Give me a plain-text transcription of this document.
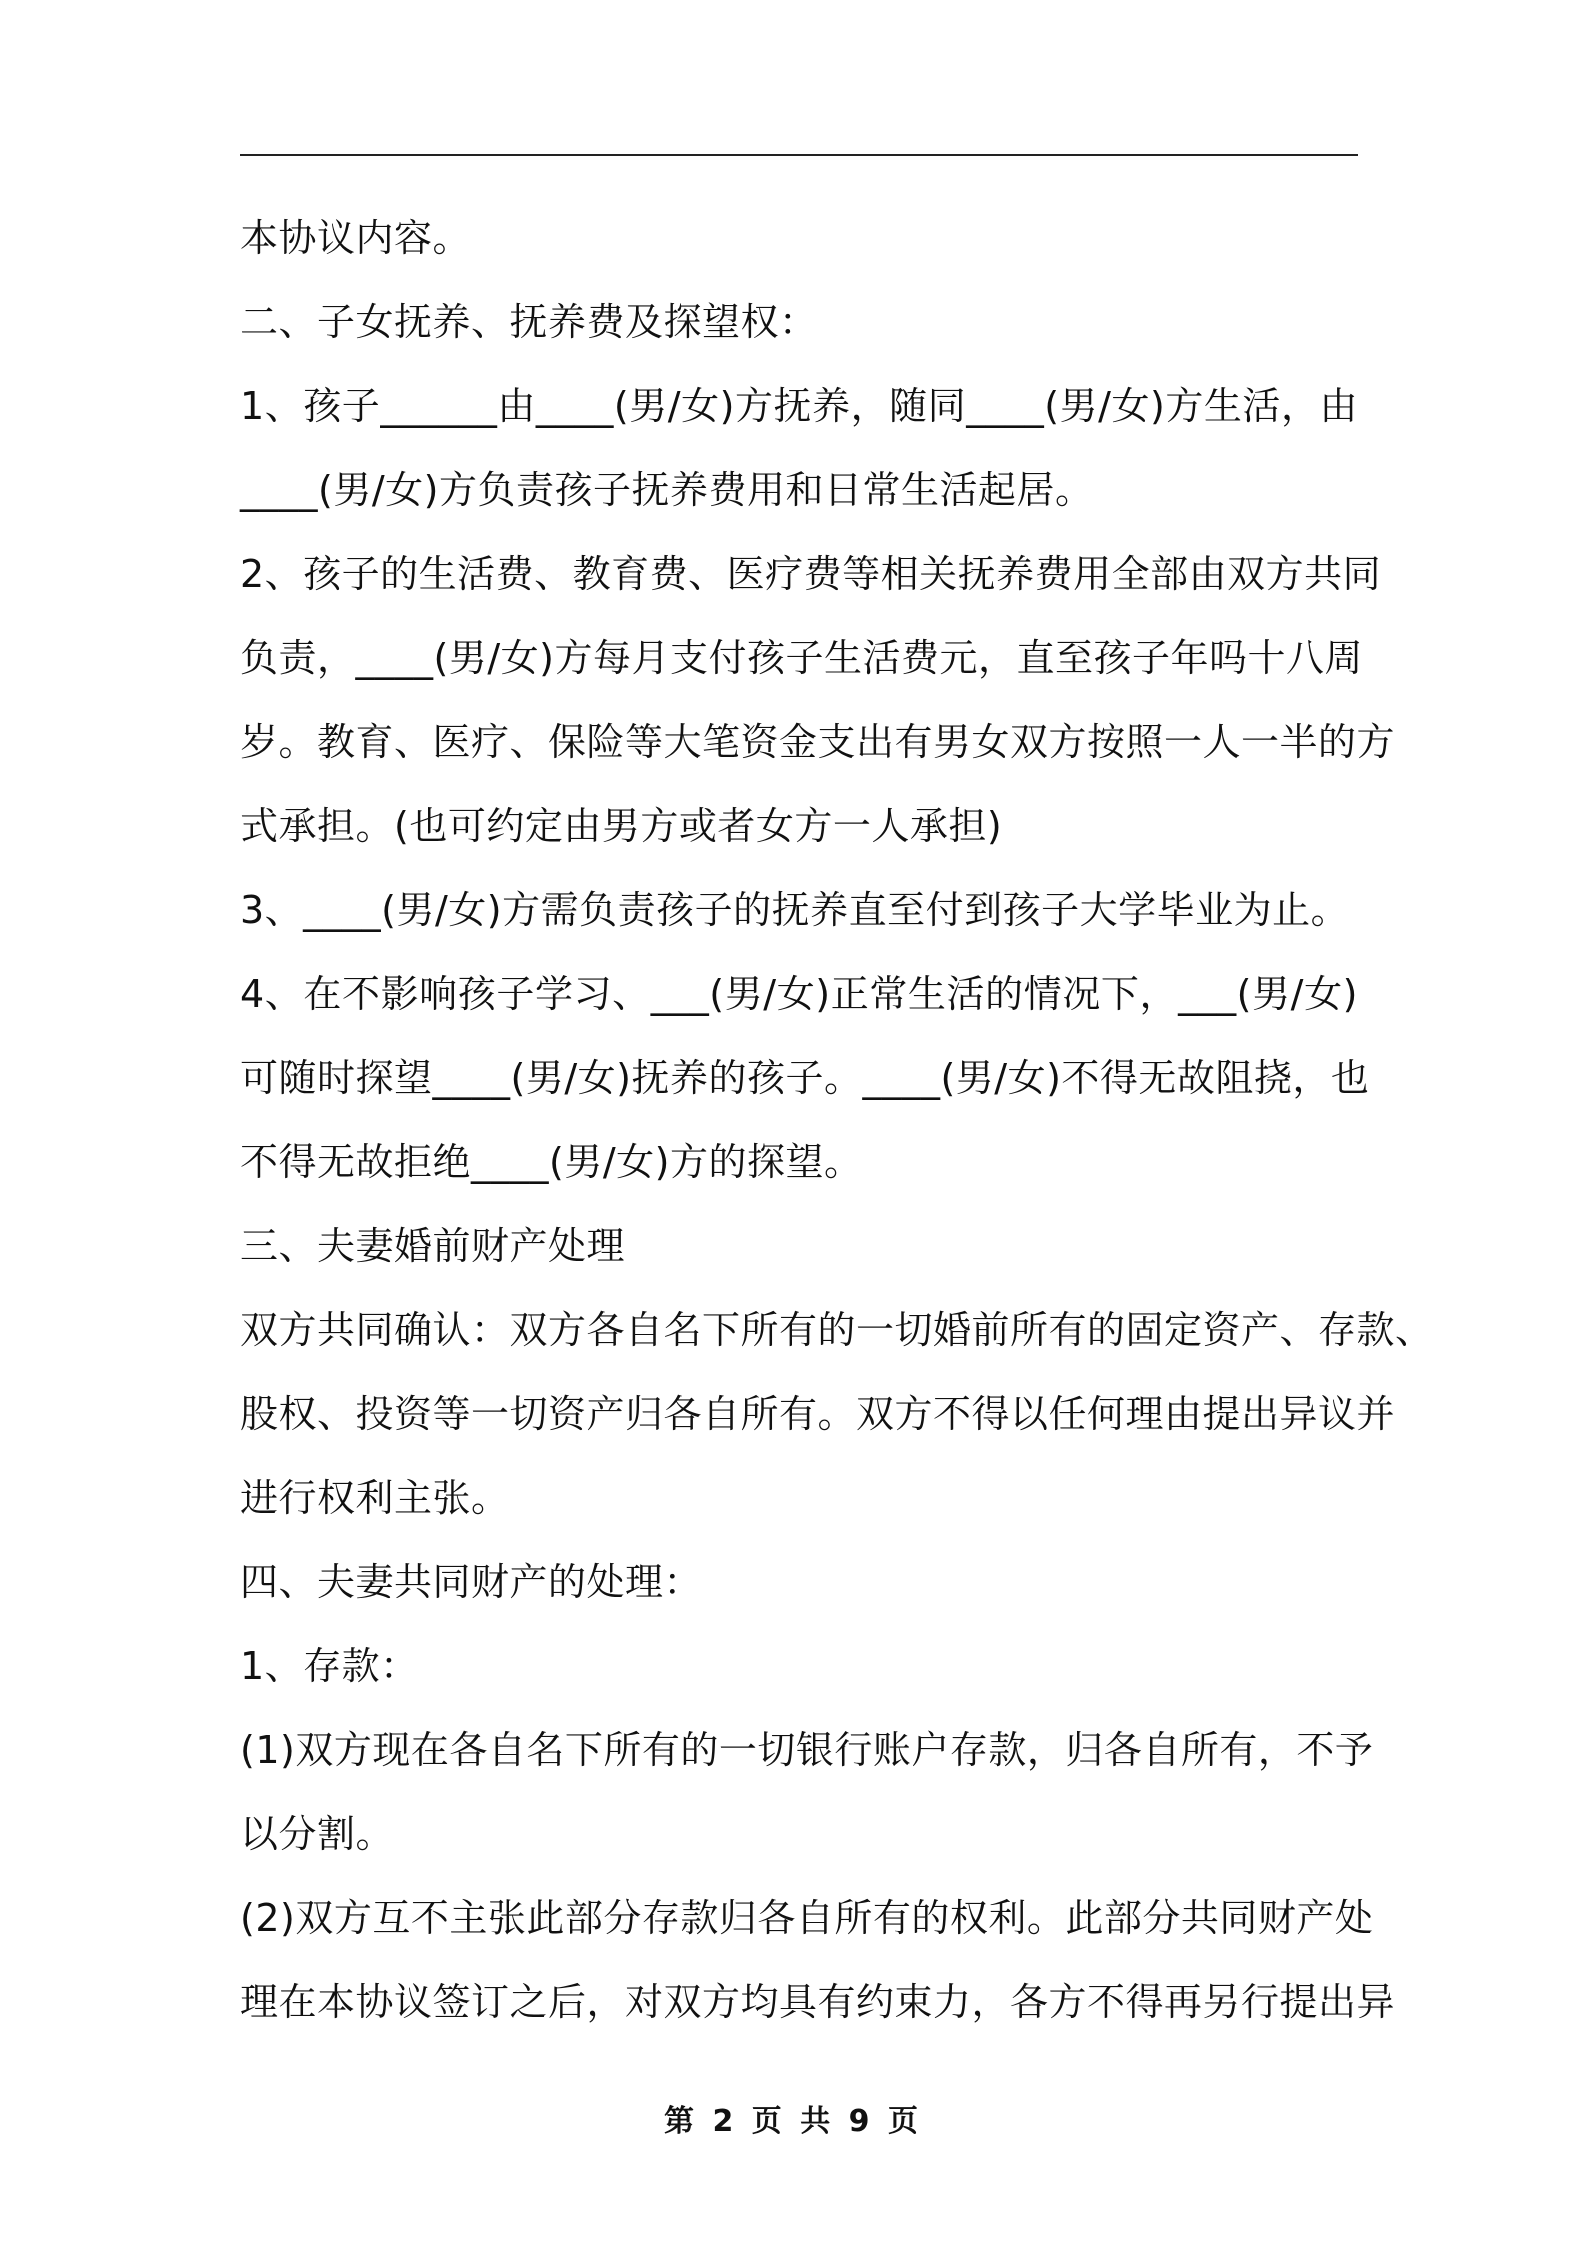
本协议内容。
二、子女抚养、抚养费及探望权：
1、孩子______由____(男/女)方抚养，随同____(男/女)方生活，由
____(男/女)方负责孩子抚养费用和日常生活起居。
2、孩子的生活费、教育费、医疗费等相关抚养费用全部由双方共同
负责，____(男/女)方每月支付孩子生活费元，直至孩子年吗十八周
岁。教育、医疗、保险等大笔资金支出有男女双方按照一人一半的方
式承担。(也可约定由男方或者女方一人承担)
3、____(男/女)方需负责孩子的抚养直至付到孩子大学毕业为止。
4、在不影响孩子学习、___(男/女)正常生活的情况下，___(男/女)
可随时探望____(男/女)抚养的孩子。____(男/女)不得无故阻挠，也
不得无故拒绝____(男/女)方的探望。
三、夫妻婚前财产处理
双方共同确认：双方各自名下所有的一切婚前所有的固定资产、存款、
股权、投资等一切资产归各自所有。双方不得以任何理由提出异议并
进行权利主张。
四、夫妻共同财产的处理：
1、存款：
(1)双方现在各自名下所有的一切银行账户存款，归各自所有，不予
以分割。
(2)双方互不主张此部分存款归各自所有的权利。此部分共同财产处
理在本协议签订之后，对双方均具有约束力，各方不得再另行提出异
第 2 页 共 9 页
